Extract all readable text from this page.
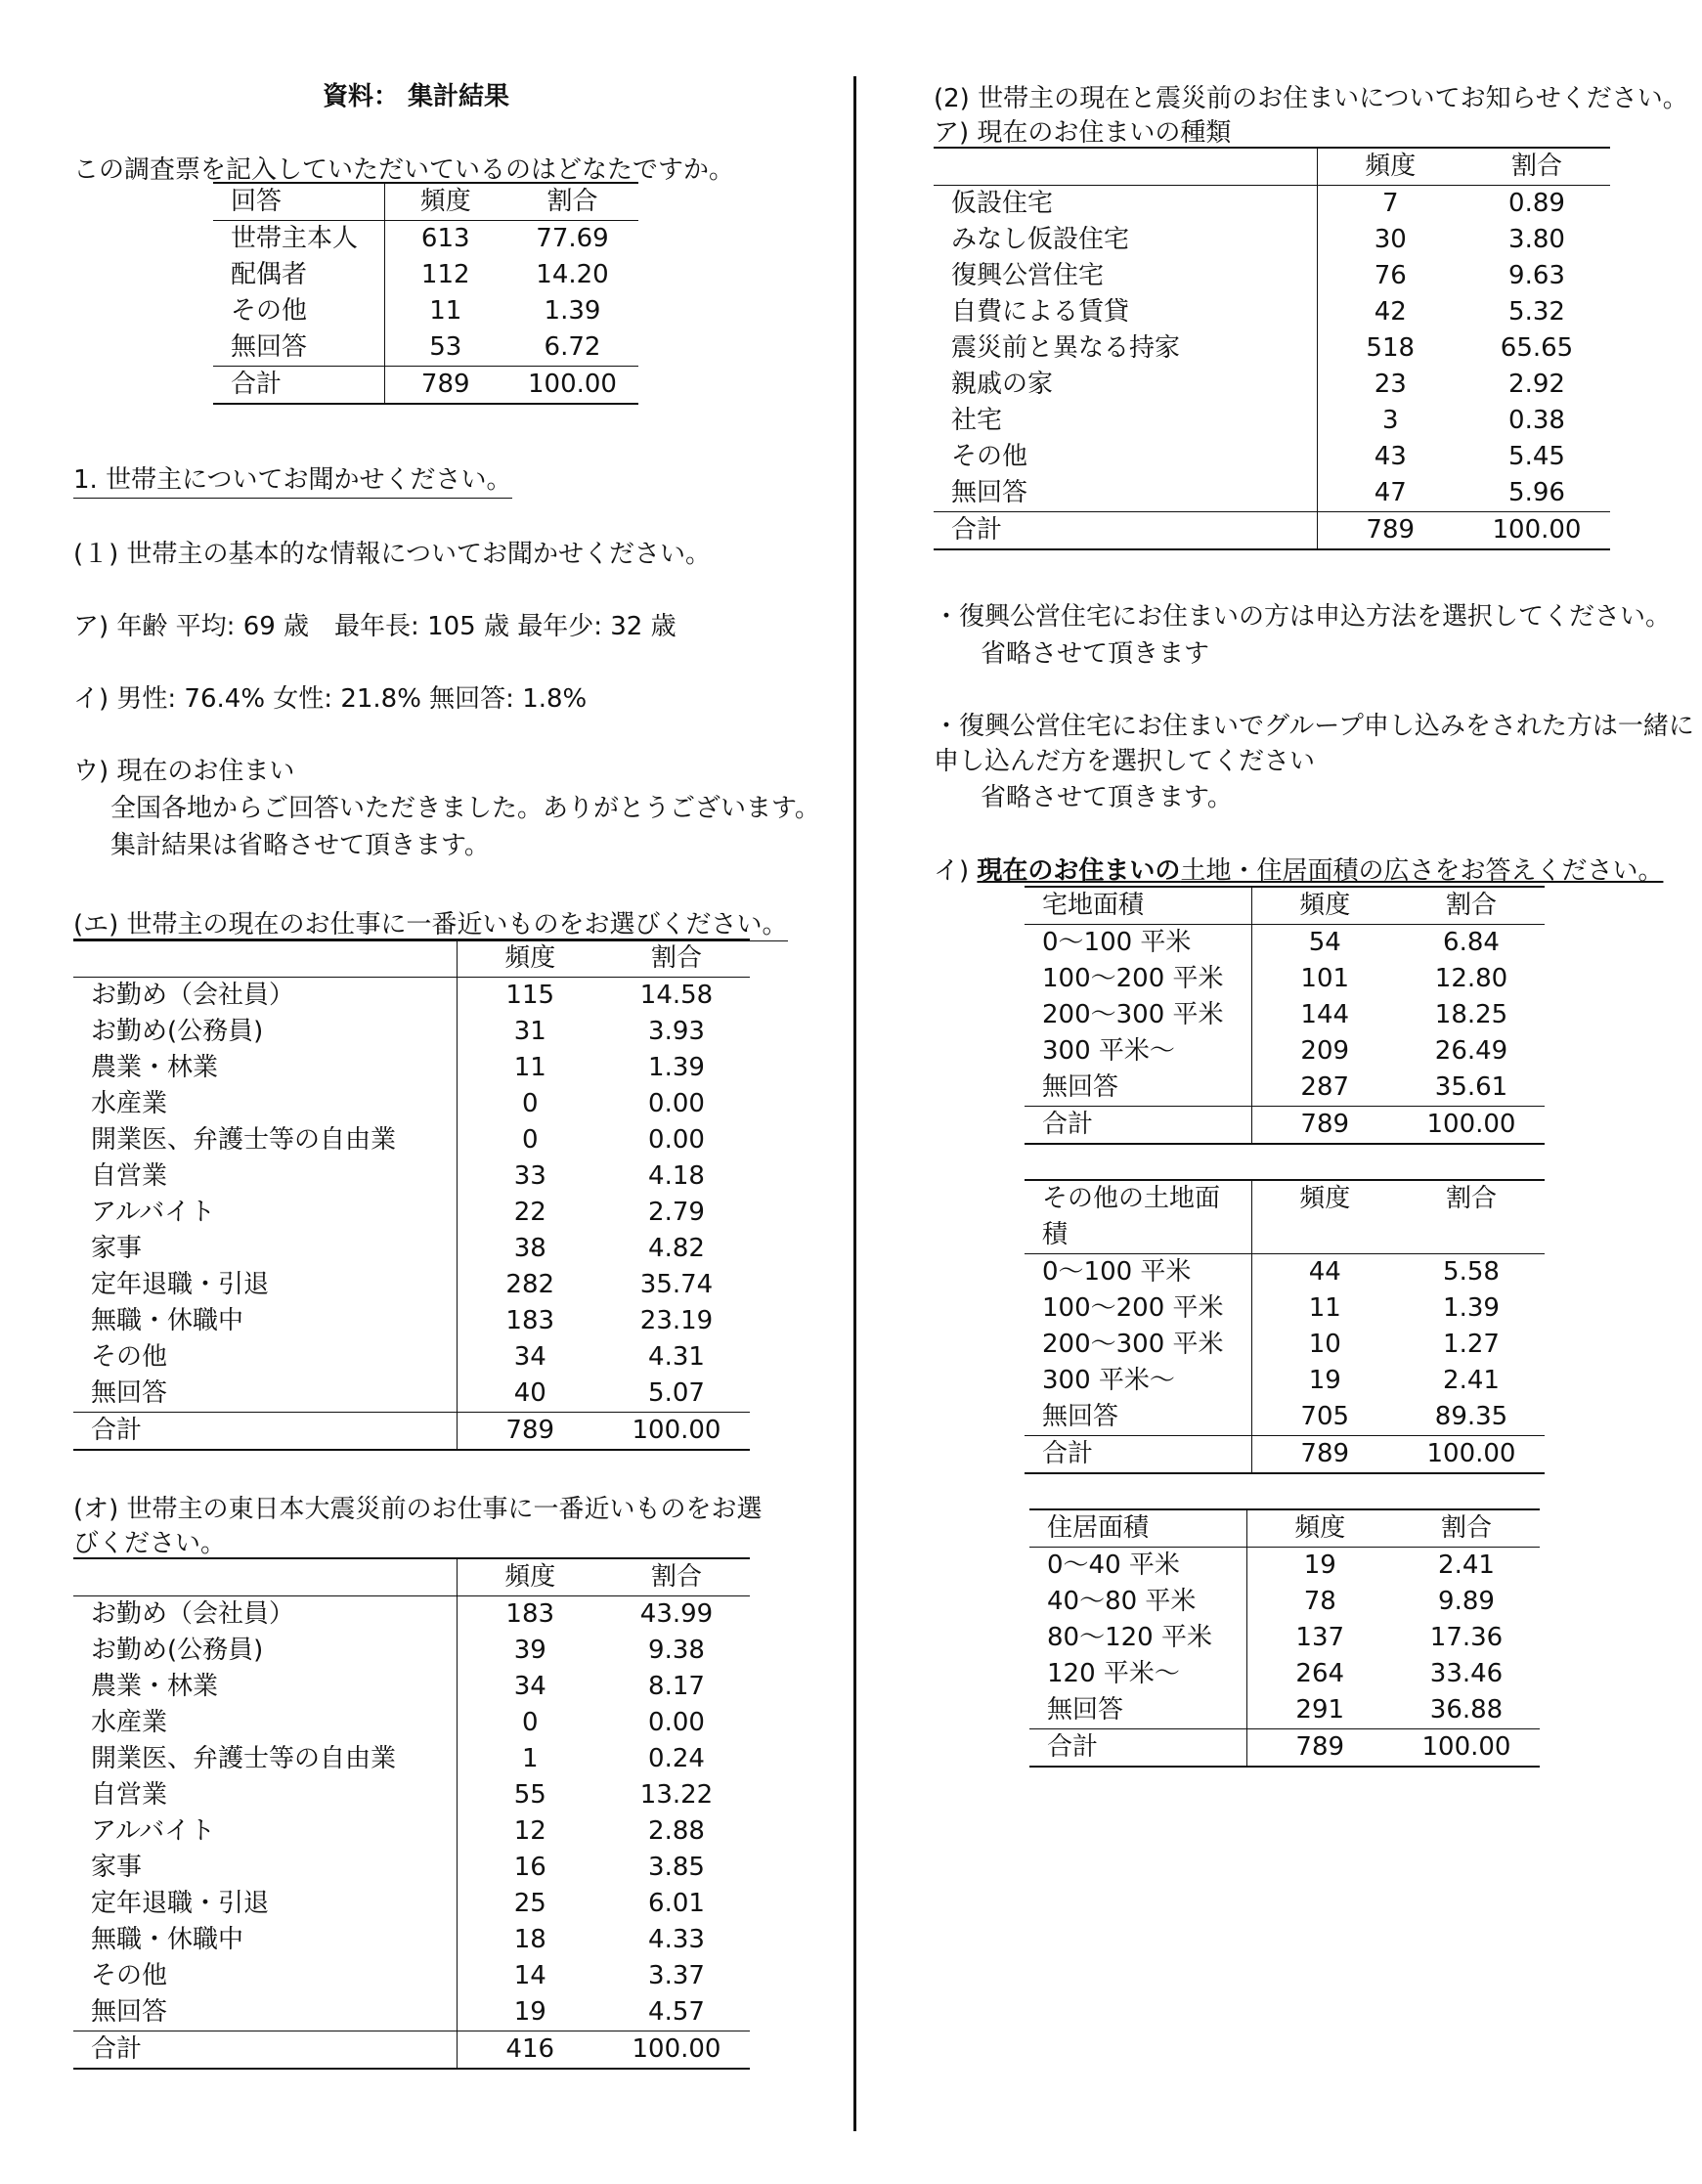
資料： 集計結果
この調査票を記入していただいているのはどなたですか。
回答	頻度	割合
世帯主本人	613	77.69
配偶者	112	14.20
その他	11	1.39
無回答	53	6.72
合計	789	100.00
1. 世帯主についてお聞かせください。
(１) 世帯主の基本的な情報についてお聞かせください。
ア) 年齢 平均: 69 歳　最年長: 105 歳 最年少: 32 歳
イ) 男性: 76.4% 女性: 21.8% 無回答: 1.8%
ウ) 現在のお住まい
全国各地からご回答いただきました。ありがとうございます。
集計結果は省略させて頂きます。
(エ) 世帯主の現在のお仕事に一番近いものをお選びください。
	頻度	割合
お勤め（会社員）	115	14.58
お勤め(公務員)	31	3.93
農業・林業	11	1.39
水産業	0	0.00
開業医、弁護士等の自由業	0	0.00
自営業	33	4.18
アルバイト	22	2.79
家事	38	4.82
定年退職・引退	282	35.74
無職・休職中	183	23.19
その他	34	4.31
無回答	40	5.07
合計	789	100.00
(オ) 世帯主の東日本大震災前のお仕事に一番近いものをお選
びください。
	頻度	割合
お勤め（会社員）	183	43.99
お勤め(公務員)	39	9.38
農業・林業	34	8.17
水産業	0	0.00
開業医、弁護士等の自由業	1	0.24
自営業	55	13.22
アルバイト	12	2.88
家事	16	3.85
定年退職・引退	25	6.01
無職・休職中	18	4.33
その他	14	3.37
無回答	19	4.57
合計	416	100.00
(2) 世帯主の現在と震災前のお住まいについてお知らせください。
ア) 現在のお住まいの種類
	頻度	割合
仮設住宅	7	0.89
みなし仮設住宅	30	3.80
復興公営住宅	76	9.63
自費による賃貸	42	5.32
震災前と異なる持家	518	65.65
親戚の家	23	2.92
社宅	3	0.38
その他	43	5.45
無回答	47	5.96
合計	789	100.00
・復興公営住宅にお住まいの方は申込方法を選択してください。
省略させて頂きます
・復興公営住宅にお住まいでグループ申し込みをされた方は一緒に
申し込んだ方を選択してください
省略させて頂きます。
イ) 現在のお住まいの土地・住居面積の広さをお答えください。
宅地面積	頻度	割合
0～100 平米	54	6.84
100～200 平米	101	12.80
200～300 平米	144	18.25
300 平米～	209	26.49
無回答	287	35.61
合計	789	100.00
その他の土地面
積	頻度	割合
0～100 平米	44	5.58
100～200 平米	11	1.39
200～300 平米	10	1.27
300 平米～	19	2.41
無回答	705	89.35
合計	789	100.00
住居面積	頻度	割合
0～40 平米	19	2.41
40～80 平米	78	9.89
80～120 平米	137	17.36
120 平米～	264	33.46
無回答	291	36.88
合計	789	100.00
